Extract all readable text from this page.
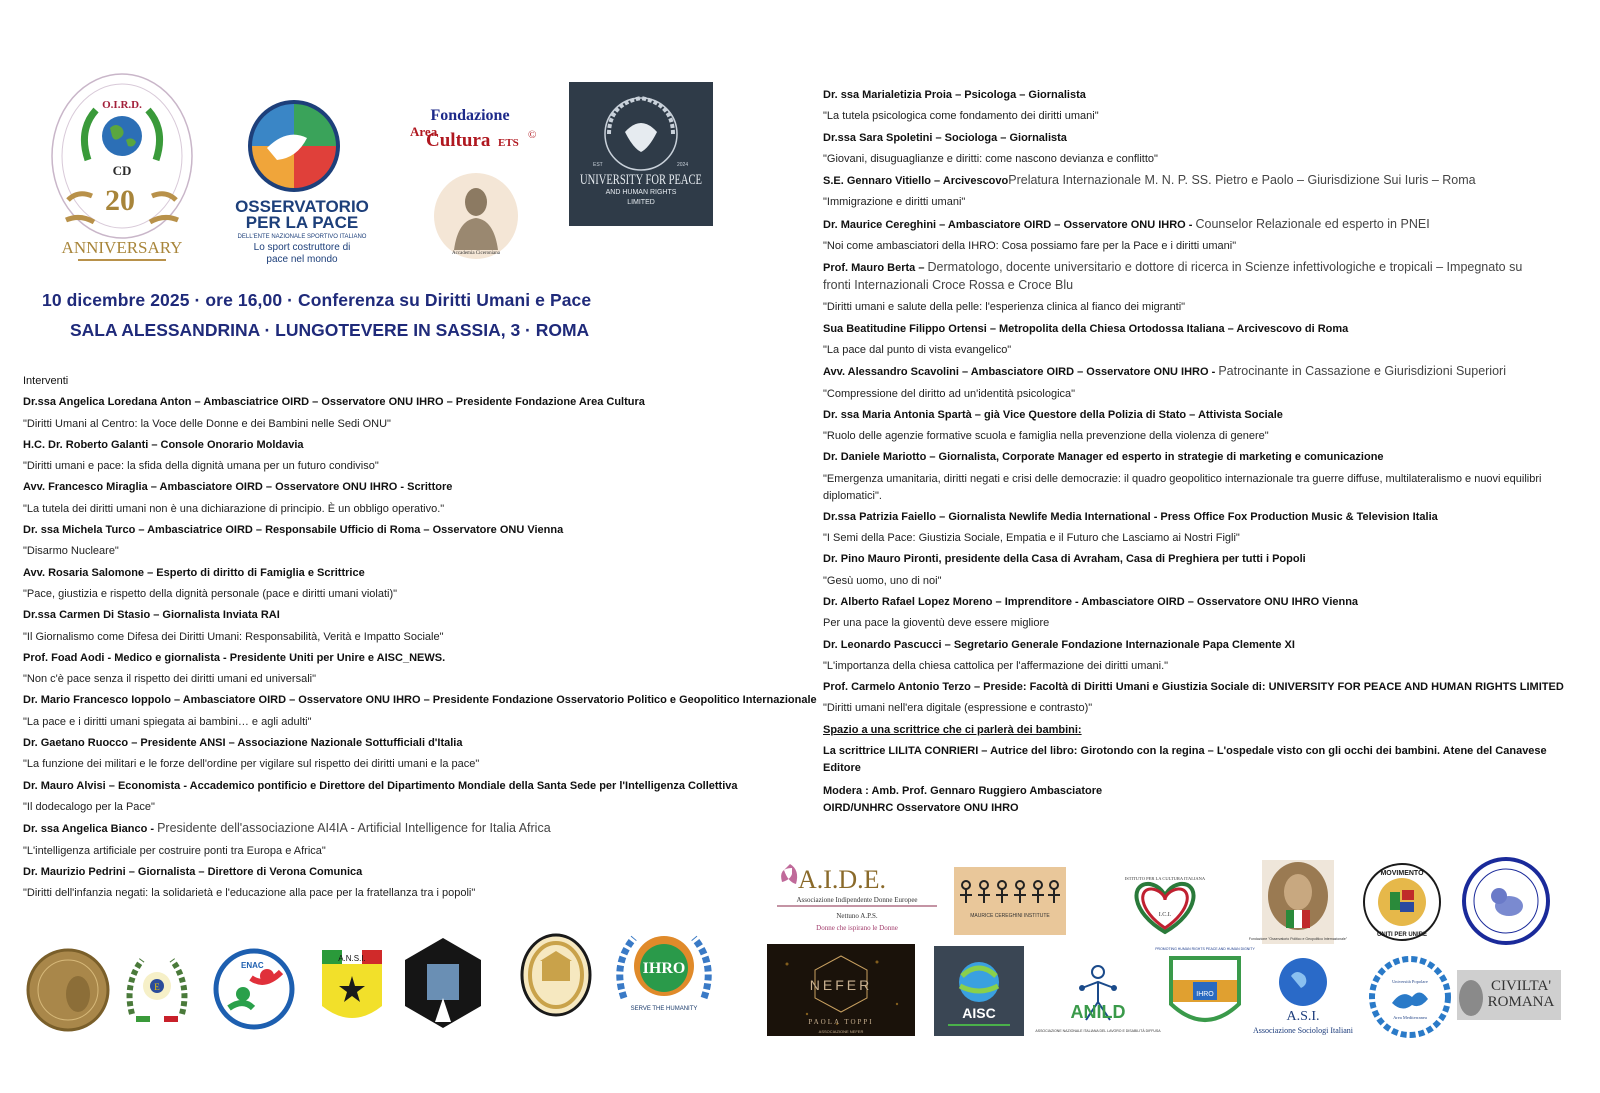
O.I.R.D.
CD
20
ANNIVERSARY
OSSERVATORIO
PER LA PACE
DELL'ENTE NAZIONALE SPORTIVO ITALIANO
Lo sport costruttore di
pace nel mondo
Fondazione
Area
Cultura ETS
©
Accademia Ciceroniana
EST	2024
UNIVERSITY FOR PEACE
AND HUMAN RIGHTS
LIMITED
10 dicembre 2025 · ore 16,00 · Conferenza su Diritti Umani e Pace
SALA ALESSANDRINA · LUNGOTEVERE IN SASSIA, 3 · ROMA
Interventi
Dr.ssa Angelica Loredana Anton – Ambasciatrice OIRD – Osservatore ONU IHRO – Presidente Fondazione Area Cultura
"Diritti Umani al Centro: la Voce delle Donne e dei Bambini nelle Sedi ONU"
H.C. Dr. Roberto Galanti – Console Onorario Moldavia
"Diritti umani e pace: la sfida della dignità umana per un futuro condiviso"
Avv. Francesco Miraglia – Ambasciatore OIRD – Osservatore ONU IHRO - Scrittore
"La tutela dei diritti umani non è una dichiarazione di principio. È un obbligo operativo."
Dr. ssa Michela Turco – Ambasciatrice OIRD – Responsabile Ufficio di Roma – Osservatore ONU Vienna
"Disarmo Nucleare"
Avv. Rosaria Salomone – Esperto di diritto di Famiglia e Scrittrice
"Pace, giustizia e rispetto della dignità personale (pace e diritti umani violati)"
Dr.ssa Carmen Di Stasio – Giornalista Inviata RAI
"Il Giornalismo come Difesa dei Diritti Umani: Responsabilità, Verità e Impatto Sociale"
Prof. Foad Aodi - Medico e giornalista - Presidente Uniti per Unire e AISC_NEWS.
"Non c'è pace senza il rispetto dei diritti umani ed universali"
Dr. Mario Francesco Ioppolo – Ambasciatore OIRD – Osservatore ONU IHRO – Presidente Fondazione Osservatorio Politico e Geopolitico Internazionale
"La pace e i diritti umani spiegata ai bambini… e agli adulti"
Dr. Gaetano Ruocco – Presidente ANSI – Associazione Nazionale Sottufficiali d'Italia
"La funzione dei militari e le forze dell'ordine per vigilare sul rispetto dei diritti umani e la pace"
Dr. Mauro Alvisi – Economista - Accademico pontificio e Direttore del Dipartimento Mondiale della Santa Sede per l'Intelligenza Collettiva
"Il dodecalogo per la Pace"
Dr. ssa Angelica Bianco - Presidente dell'associazione AI4IA - Artificial Intelligence for Italia Africa
"L'intelligenza artificiale per costruire ponti tra Europa e Africa"
Dr. Maurizio Pedrini – Giornalista – Direttore di Verona Comunica
"Diritti dell'infanzia negati: la solidarietà e l'educazione alla pace per la fratellanza tra i popoli"
Dr. ssa Marialetizia Proia – Psicologa – Giornalista
"La tutela psicologica come fondamento dei diritti umani"
Dr.ssa Sara Spoletini – Sociologa – Giornalista
"Giovani, disuguaglianze e diritti: come nascono devianza e conflitto"
S.E. Gennaro Vitiello – ArcivescovoPrelatura Internazionale M. N. P. SS. Pietro e Paolo – Giurisdizione Sui Iuris – Roma
"Immigrazione e diritti umani"
Dr. Maurice Cereghini – Ambasciatore OIRD – Osservatore ONU IHRO - Counselor Relazionale ed esperto in PNEI
"Noi come ambasciatori della IHRO: Cosa possiamo fare per la Pace e i diritti umani"
Prof. Mauro Berta – Dermatologo, docente universitario e dottore di ricerca in Scienze infettivologiche e tropicali – Impegnato su fronti Internazionali Croce Rossa e Croce Blu
"Diritti umani e salute della pelle: l'esperienza clinica al fianco dei migranti"
Sua Beatitudine Filippo Ortensi – Metropolita della Chiesa Ortodossa Italiana – Arcivescovo di Roma
"La pace dal punto di vista evangelico"
Avv. Alessandro Scavolini – Ambasciatore OIRD – Osservatore ONU IHRO - Patrocinante in Cassazione e Giurisdizioni Superiori
"Compressione del diritto ad un'identità psicologica"
Dr. ssa Maria Antonia Spartà – già Vice Questore della Polizia di Stato – Attivista Sociale
"Ruolo delle agenzie formative scuola e famiglia nella prevenzione della violenza di genere"
Dr. Daniele Mariotto – Giornalista, Corporate Manager ed esperto in strategie di marketing e comunicazione
"Emergenza umanitaria, diritti negati e crisi delle democrazie: il quadro geopolitico internazionale tra guerre diffuse, multilateralismo e nuovi equilibri diplomatici".
Dr.ssa Patrizia Faiello – Giornalista Newlife Media International - Press Office Fox Production Music & Television Italia
"I Semi della Pace: Giustizia Sociale, Empatia e il Futuro che Lasciamo ai Nostri Figli"
Dr. Pino Mauro Pironti, presidente della Casa di Avraham, Casa di Preghiera per tutti i Popoli
"Gesù uomo, uno di noi"
Dr. Alberto Rafael Lopez Moreno – Imprenditore - Ambasciatore OIRD – Osservatore ONU IHRO Vienna
Per una pace la gioventù deve essere migliore
Dr. Leonardo Pascucci – Segretario Generale Fondazione Internazionale Papa Clemente XI
"L'importanza della chiesa cattolica per l'affermazione dei diritti umani."
Prof. Carmelo Antonio Terzo – Preside: Facoltà di Diritti Umani e Giustizia Sociale di: UNIVERSITY FOR PEACE AND HUMAN RIGHTS LIMITED
"Diritti umani nell'era digitale (espressione e contrasto)"
Spazio a una scrittrice che ci parlerà dei bambini:
La scrittrice LILITA CONRIERI – Autrice del libro: Girotondo con la regina – L'ospedale visto con gli occhi dei bambini. Atene del Canavese Editore
Modera : Amb. Prof. Gennaro Ruggiero Ambasciatore
OIRD/UNHRC Osservatore ONU IHRO
E
ENAC
A.N.S.I.
IHRO
SERVE THE HUMANITY
A.I.D.E.
Associazione Indipendente Donne Europee
Nettuno A.P.S.
Donne che ispirano le Donne
MAURICE CEREGHINI INSTITUTE
ISTITUTO PER LA CULTURA ITALIANA
I.C.I.
Fondazione "Osservatorio Politico e Geopolitico Internazionale"
MOVIMENTO
UNITI PER UNIRE
NEFER
PAOLA TOPPI
ASSOCIAZIONE NEFER
AISC	ANILD
ASSOCIAZIONE NAZIONALE ITALIANA DEL LAVORO E DISABILITÀ DIFFUSA
PROMOTING HUMAN RIGHTS PEACE AND HUMAN DIGNITY
IHRO
A.S.I.
Associazione Sociologi Italiani
Università Popolare
Area Mediterranea
CIVILTA'
ROMANA
